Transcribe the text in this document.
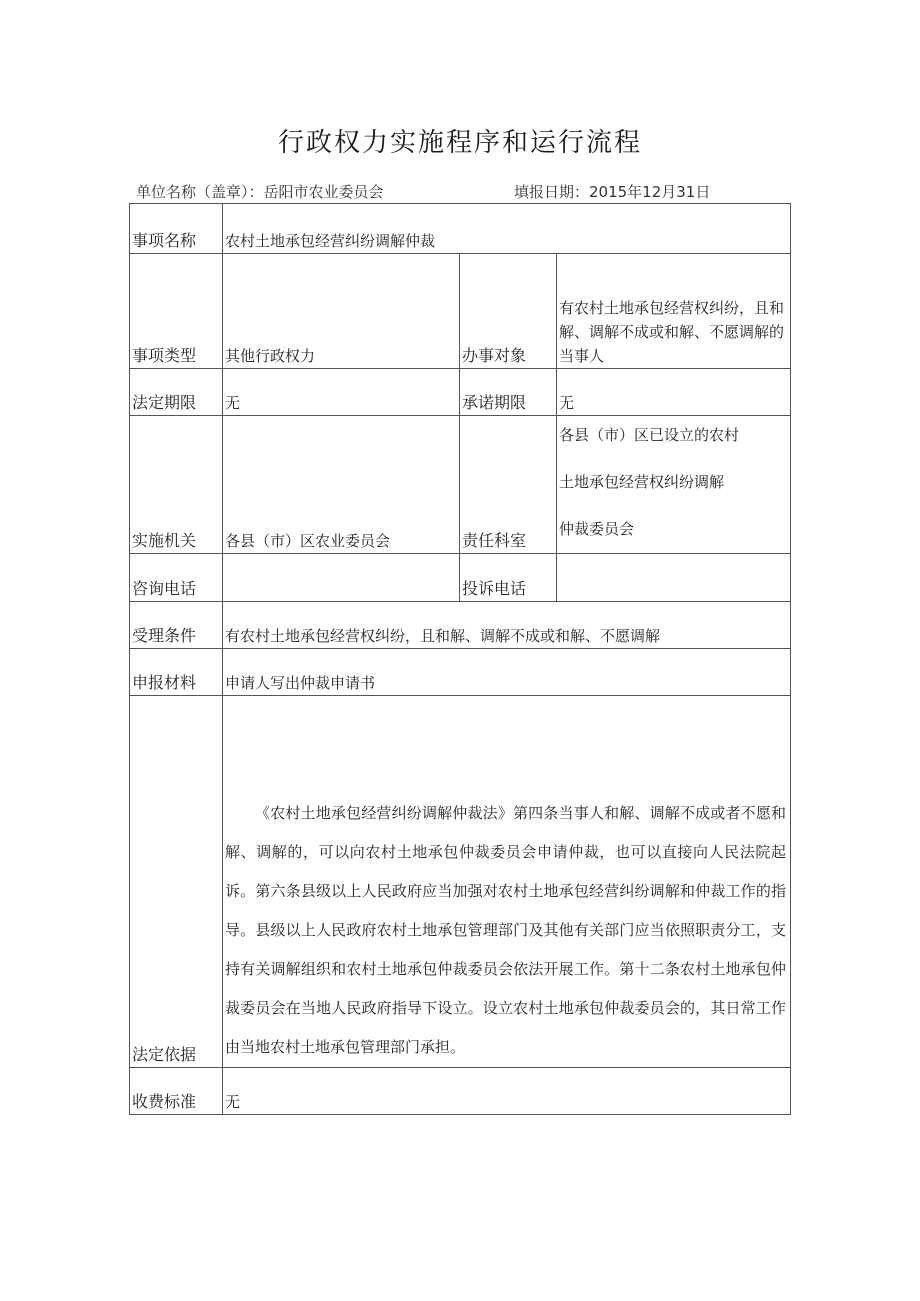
行政权力实施程序和运行流程
单位名称（盖章）：岳阳市农业委员会	填报日期：2015年12月31日
事项名称	农村土地承包经营纠纷调解仲裁		
事项类型	其他行政权力	办事对象	有农村土地承包经营权纠纷，且和解、调解不成或和解、不愿调解的当事人
法定期限	无	承诺期限	无
实施机关	各县（市）区农业委员会	责任科室	各县（市）区已设立的农村
土地承包经营权纠纷调解
仲裁委员会

咨询电话		投诉电话	
受理条件	有农村土地承包经营权纠纷，且和解、调解不成或和解、不愿调解		
申报材料	申请人写出仲裁申请书		
法定依据	《农村土地承包经营纠纷调解仲裁法》第四条当事人和解、调解不成或者不愿和解、调解的，可以向农村土地承包仲裁委员会申请仲裁，也可以直接向人民法院起诉。第六条县级以上人民政府应当加强对农村土地承包经营纠纷调解和仲裁工作的指导。县级以上人民政府农村土地承包管理部门及其他有关部门应当依照职责分工，支持有关调解组织和农村土地承包仲裁委员会依法开展工作。第十二条农村土地承包仲裁委员会在当地人民政府指导下设立。设立农村土地承包仲裁委员会的，其日常工作由当地农村土地承包管理部门承担。		

收费标准	无		
